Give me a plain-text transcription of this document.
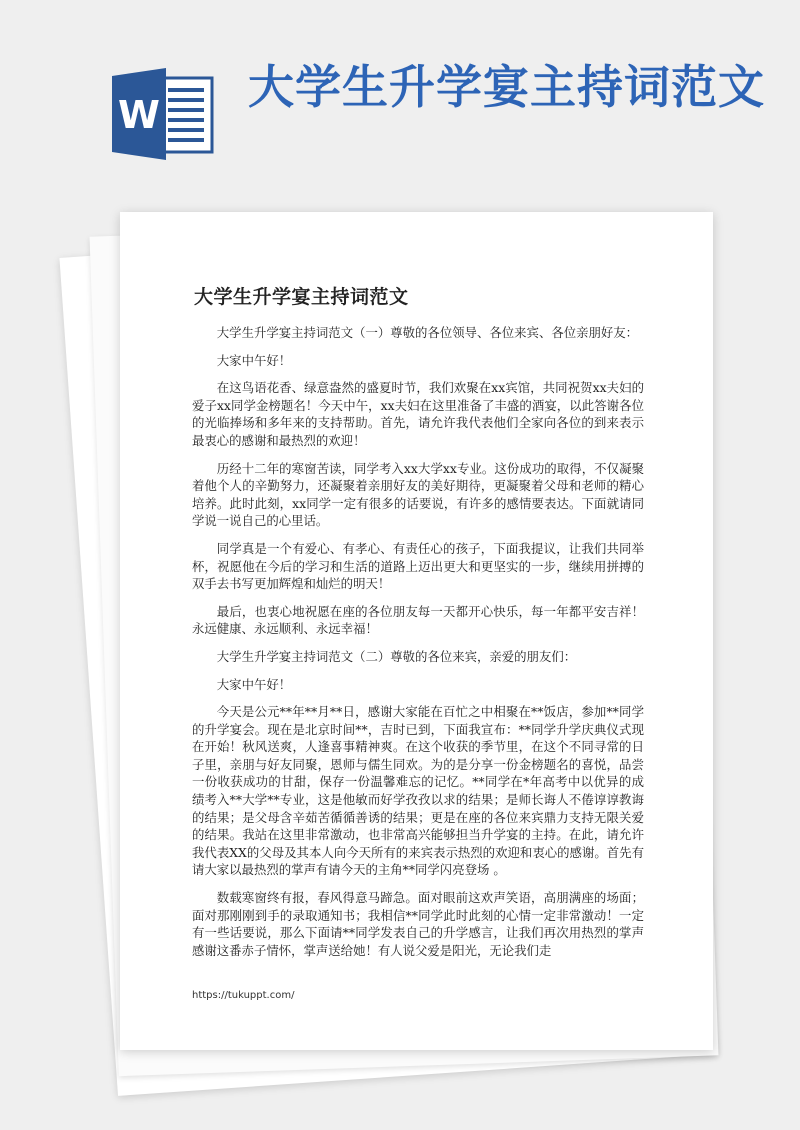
W
大学生升学宴主持词范文
大学生升学宴主持词范文

大学生升学宴主持词范文（一）尊敬的各位领导、各位来宾、各位亲朋好友：

大家中午好！

在这鸟语花香、绿意盎然的盛夏时节，我们欢聚在xx宾馆，共同祝贺xx夫妇的爱子xx同学金榜题名！今天中午，xx夫妇在这里准备了丰盛的酒宴，以此答谢各位的光临捧场和多年来的支持帮助。首先，请允许我代表他们全家向各位的到来表示最衷心的感谢和最热烈的欢迎！

历经十二年的寒窗苦读，同学考入xx大学xx专业。这份成功的取得，不仅凝聚着他个人的辛勤努力，还凝聚着亲朋好友的美好期待，更凝聚着父母和老师的精心培养。此时此刻，xx同学一定有很多的话要说，有许多的感情要表达。下面就请同学说一说自己的心里话。

同学真是一个有爱心、有孝心、有责任心的孩子，下面我提议，让我们共同举杯，祝愿他在今后的学习和生活的道路上迈出更大和更坚实的一步，继续用拼搏的双手去书写更加辉煌和灿烂的明天！

最后，也衷心地祝愿在座的各位朋友每一天都开心快乐，每一年都平安吉祥！永远健康、永远顺利、永远幸福！

大学生升学宴主持词范文（二）尊敬的各位来宾，亲爱的朋友们：

大家中午好！

今天是公元**年**月**日，感谢大家能在百忙之中相聚在**饭店，参加**同学的升学宴会。现在是北京时间**，吉时已到，下面我宣布：**同学升学庆典仪式现在开始！秋风送爽，人逢喜事精神爽。在这个收获的季节里，在这个不同寻常的日子里，亲朋与好友同聚，恩师与儒生同欢。为的是分享一份金榜题名的喜悦，品尝一份收获成功的甘甜，保存一份温馨难忘的记忆。**同学在*年高考中以优异的成绩考入**大学**专业，这是他敏而好学孜孜以求的结果；是师长诲人不倦谆谆教诲的结果；是父母含辛茹苦循循善诱的结果；更是在座的各位来宾鼎力支持无限关爱的结果。我站在这里非常激动，也非常高兴能够担当升学宴的主持。在此，请允许我代表XX的父母及其本人向今天所有的来宾表示热烈的欢迎和衷心的感谢。首先有请大家以最热烈的掌声有请今天的主角**同学闪亮登场 。

数载寒窗终有报，春风得意马蹄急。面对眼前这欢声笑语，高朋满座的场面；面对那刚刚到手的录取通知书；我相信**同学此时此刻的心情一定非常激动！一定有一些话要说，那么下面请**同学发表自己的升学感言，让我们再次用热烈的掌声感谢这番赤子情怀，掌声送给她！有人说父爱是阳光，无论我们走

https://tukuppt.com/
